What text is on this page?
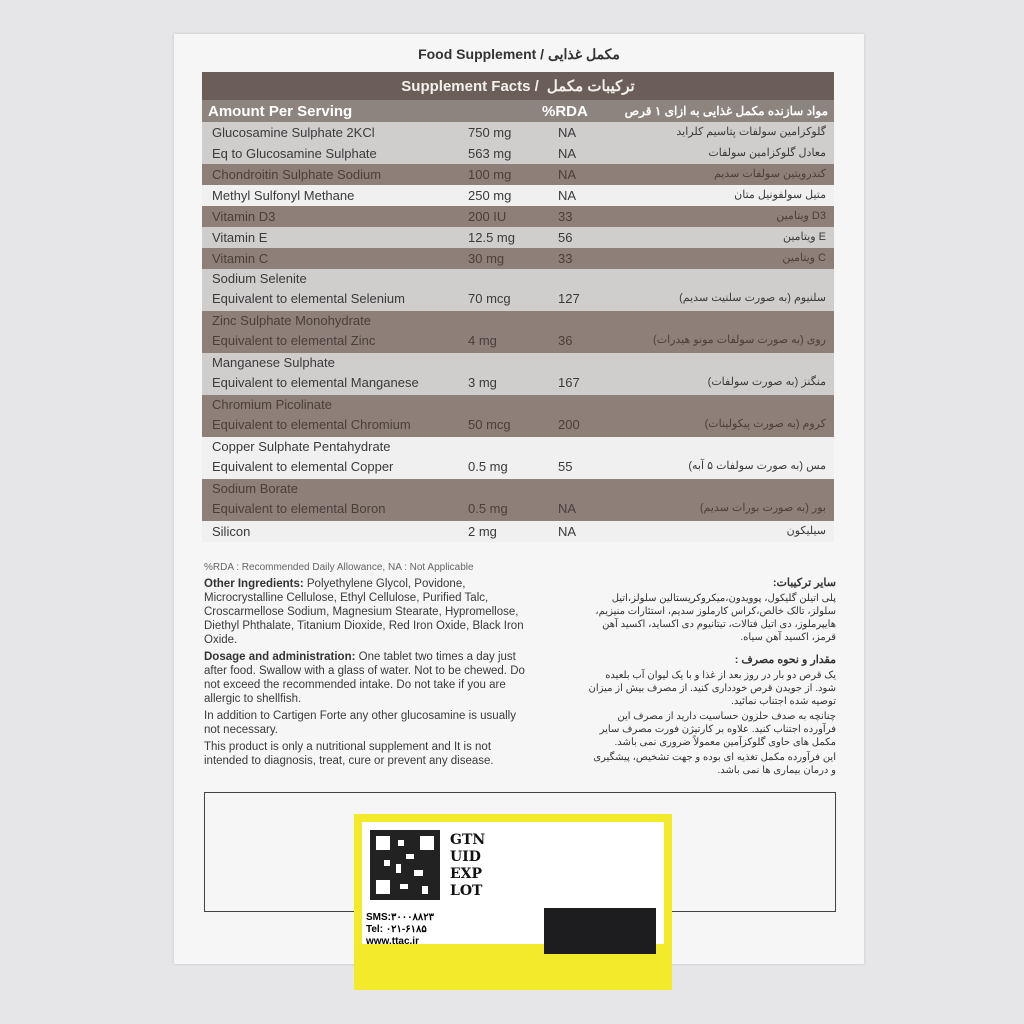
Food Supplement / مکمل غذایی
Supplement Facts / ترکیبات مکمل
Amount Per Serving	%RDA	مواد سازنده مکمل غذایی به ازای ۱ قرص
Glucosamine Sulphate 2KCl	750 mg	NA	گلوکزامین سولفات پتاسیم کلراید
Eq to Glucosamine Sulphate	563 mg	NA	معادل گلوکزامین سولفات
Chondroitin Sulphate Sodium	100 mg	NA	کندرویتین سولفات سدیم
Methyl Sulfonyl Methane	250 mg	NA	متیل سولفونیل متان
Vitamin D3	200 IU	33	ویتامین D3
Vitamin E	12.5 mg	56	ویتامین E
Vitamin C	30 mg	33	ویتامین C
Sodium Selenite
Equivalent to elemental Selenium	70 mcg	127	سلنیوم (به صورت سلنیت سدیم)
Zinc Sulphate Monohydrate
Equivalent to elemental Zinc	4 mg	36	روی (به صورت سولفات مونو هیدرات)
Manganese Sulphate
Equivalent to elemental Manganese	3 mg	167	منگنز (به صورت سولفات)
Chromium Picolinate
Equivalent to elemental Chromium	50 mcg	200	کروم (به صورت پیکولینات)
Copper Sulphate Pentahydrate
Equivalent to elemental Copper	0.5 mg	55	مس (به صورت سولفات ۵ آبه)
Sodium Borate
Equivalent to elemental Boron	0.5 mg	NA	بور (به صورت بورات سدیم)
Silicon	2 mg	NA	سیلیکون
%RDA : Recommended Daily Allowance, NA : Not Applicable

Other Ingredients: Polyethylene Glycol, Povidone, Microcrystalline Cellulose, Ethyl Cellulose, Purified Talc, Croscarmellose Sodium, Magnesium Stearate, Hypromellose, Diethyl Phthalate, Titanium Dioxide, Red Iron Oxide, Black Iron Oxide.

Dosage and administration: One tablet two times a day just after food. Swallow with a glass of water. Not to be chewed. Do not exceed the recommended intake. Do not take if you are allergic to shellfish.

In addition to Cartigen Forte any other glucosamine is usually not necessary.

This product is only a nutritional supplement and It is not intended to diagnosis, treat, cure or prevent any disease.

سایر ترکیبات:

پلی اتیلن گلیکول، پوویدون،میکروکریستالین سلولز،اتیل سلولز، تالک خالص،کراس کارملوز سدیم، استئارات منیزیم، هایپرملوز، دی اتیل فتالات، تیتانیوم دی اکساید، اکسید آهن قرمز، اکسید آهن سیاه.

مقدار و نحوه مصرف :

یک قرص دو بار در روز بعد از غذا و با یک لیوان آب بلعیده شود. از جویدن قرص خودداری کنید. از مصرف بیش از میزان توصیه شده اجتناب نمائید.

چنانچه به صدف حلزون حساسیت دارید از مصرف این فرآورده اجتناب کنید. علاوه بر کارتیژن فورت مصرف سایر مکمل های حاوی گلوکزآمین معمولاً ضروری نمی باشد.

این فرآورده مکمل تغذیه ای بوده و جهت تشخیص، پیشگیری و درمان بیماری ها نمی باشد.

GTN
UID
EXP
LOT
SMS:۳۰۰۰۸۸۲۳
Tel: ۰۲۱-۶۱۸۵
www.ttac.ir
